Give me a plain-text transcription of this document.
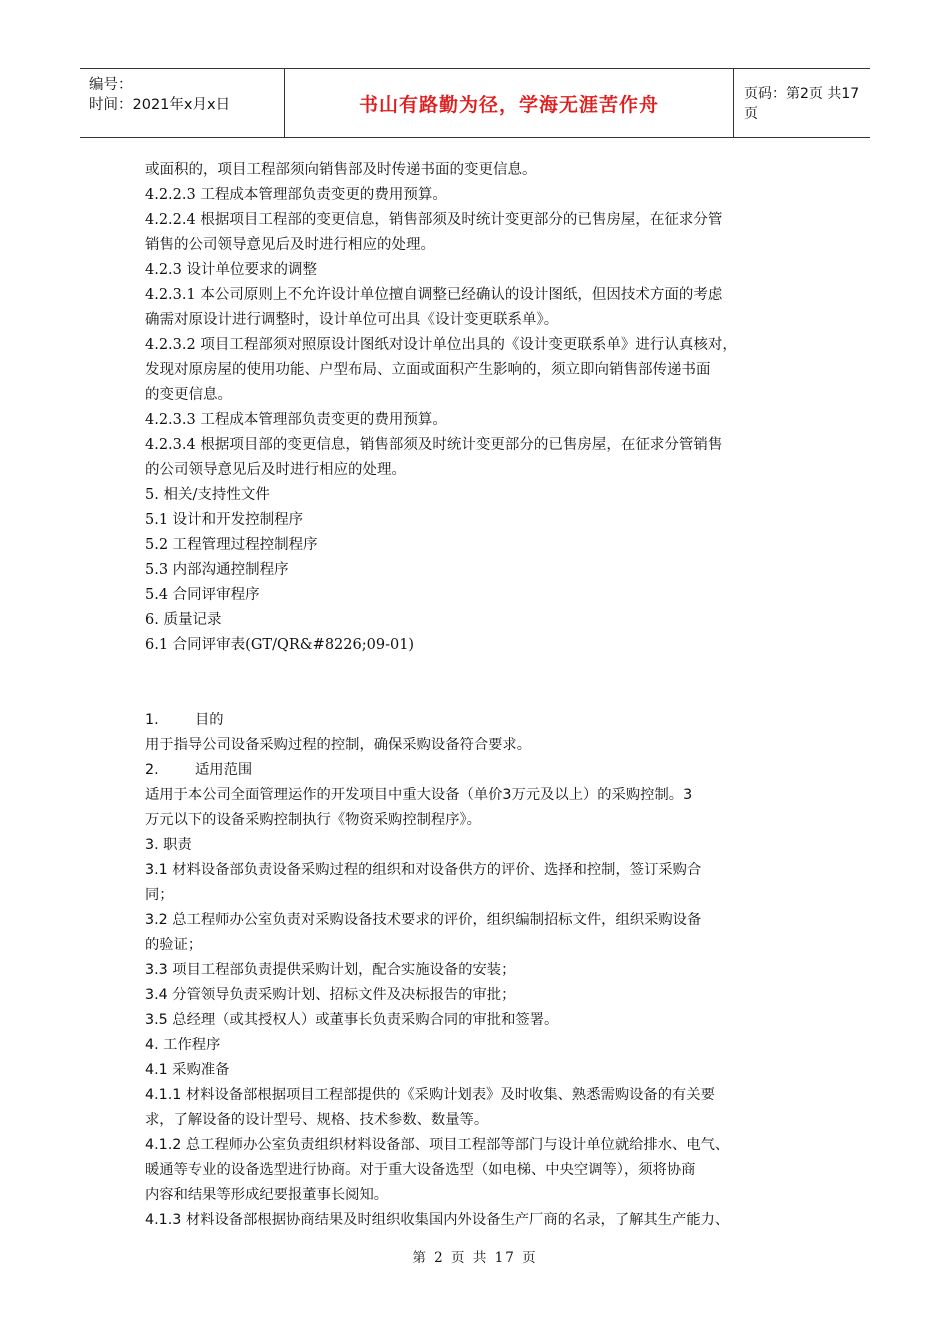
编号：
时间：2021年x月x日	书山有路勤为径，学海无涯苦作舟	页码：第2页 共17页
或面积的，项目工程部须向销售部及时传递书面的变更信息。
4.2.2.3 工程成本管理部负责变更的费用预算。
4.2.2.4 根据项目工程部的变更信息，销售部须及时统计变更部分的已售房屋，在征求分管
销售的公司领导意见后及时进行相应的处理。
4.2.3 设计单位要求的调整
4.2.3.1 本公司原则上不允许设计单位擅自调整已经确认的设计图纸，但因技术方面的考虑
确需对原设计进行调整时，设计单位可出具《设计变更联系单》。
4.2.3.2 项目工程部须对照原设计图纸对设计单位出具的《设计变更联系单》进行认真核对，
发现对原房屋的使用功能、户型布局、立面或面积产生影响的，须立即向销售部传递书面
的变更信息。
4.2.3.3 工程成本管理部负责变更的费用预算。
4.2.3.4 根据项目部的变更信息，销售部须及时统计变更部分的已售房屋，在征求分管销售
的公司领导意见后及时进行相应的处理。
5. 相关/支持性文件
5.1 设计和开发控制程序
5.2 工程管理过程控制程序
5.3 内部沟通控制程序
5.4 合同评审程序
6. 质量记录
6.1 合同评审表(GT/QR&#8226;09-01)
1.	目的
用于指导公司设备采购过程的控制，确保采购设备符合要求。
2.	适用范围
适用于本公司全面管理运作的开发项目中重大设备（单价3万元及以上）的采购控制。3
万元以下的设备采购控制执行《物资采购控制程序》。
3. 职责
3.1 材料设备部负责设备采购过程的组织和对设备供方的评价、选择和控制，签订采购合
同；
3.2 总工程师办公室负责对采购设备技术要求的评价，组织编制招标文件，组织采购设备
的验证；
3.3 项目工程部负责提供采购计划，配合实施设备的安装；
3.4 分管领导负责采购计划、招标文件及决标报告的审批；
3.5 总经理（或其授权人）或董事长负责采购合同的审批和签署。
4. 工作程序
4.1 采购准备
4.1.1 材料设备部根据项目工程部提供的《采购计划表》及时收集、熟悉需购设备的有关要
求，了解设备的设计型号、规格、技术参数、数量等。
4.1.2 总工程师办公室负责组织材料设备部、项目工程部等部门与设计单位就给排水、电气、
暖通等专业的设备选型进行协商。对于重大设备选型（如电梯、中央空调等），须将协商
内容和结果等形成纪要报董事长阅知。
4.1.3 材料设备部根据协商结果及时组织收集国内外设备生产厂商的名录，了解其生产能力、
第 2 页 共 17 页
